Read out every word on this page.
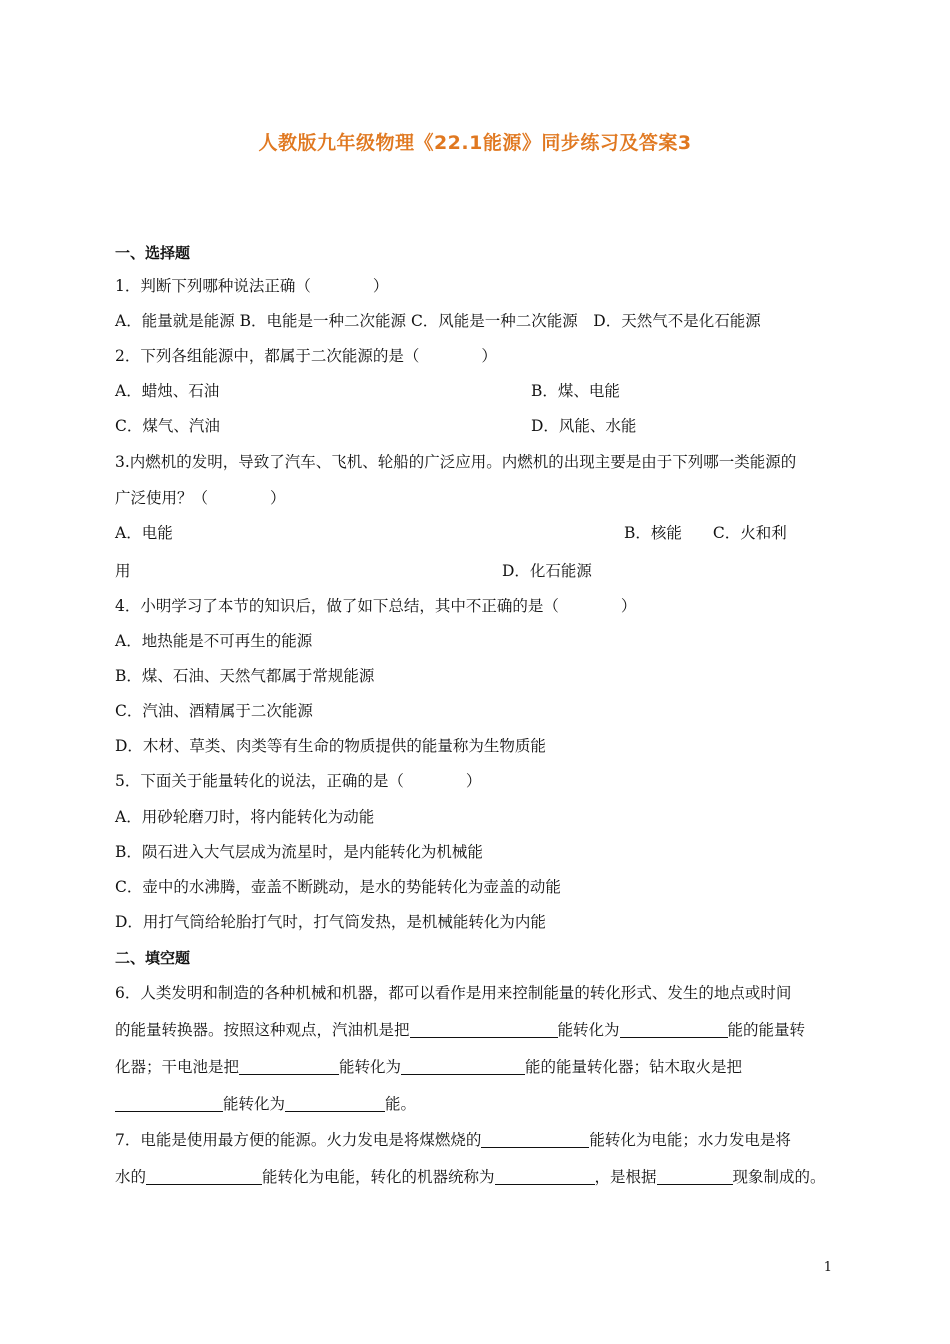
人教版九年级物理《22.1能源》同步练习及答案3
一、选择题
1．判断下列哪种说法正确（　　　　）
A．能量就是能源 B．电能是一种二次能源 C．风能是一种二次能源　D．天然气不是化石能源
2．下列各组能源中，都属于二次能源的是（　　　　）
A．蜡烛、石油	B．煤、电能
C．煤气、汽油	D．风能、水能
3.内燃机的发明，导致了汽车、飞机、轮船的广泛应用。内燃机的出现主要是由于下列哪一类能源的
广泛使用？（　　　　）
A．电能	B．核能　　C．火和利
用	D．化石能源
4．小明学习了本节的知识后，做了如下总结，其中不正确的是（　　　　）
A．地热能是不可再生的能源
B．煤、石油、天然气都属于常规能源
C．汽油、酒精属于二次能源
D．木材、草类、肉类等有生命的物质提供的能量称为生物质能
5．下面关于能量转化的说法，正确的是（　　　　）
A．用砂轮磨刀时，将内能转化为动能
B．陨石进入大气层成为流星时，是内能转化为机械能
C．壶中的水沸腾，壶盖不断跳动，是水的势能转化为壶盖的动能
D．用打气筒给轮胎打气时，打气筒发热，是机械能转化为内能
二、填空题
6．人类发明和制造的各种机械和机器，都可以看作是用来控制能量的转化形式、发生的地点或时间
的能量转换器。按照这种观点，汽油机是把	能转化为	能的能量转
化器；干电池是把	能转化为	能的能量转化器；钻木取火是把
能转化为	能。
7．电能是使用最方便的能源。火力发电是将煤燃烧的	能转化为电能；水力发电是将
水的	能转化为电能，转化的机器统称为	，是根据	现象制成的。
1
